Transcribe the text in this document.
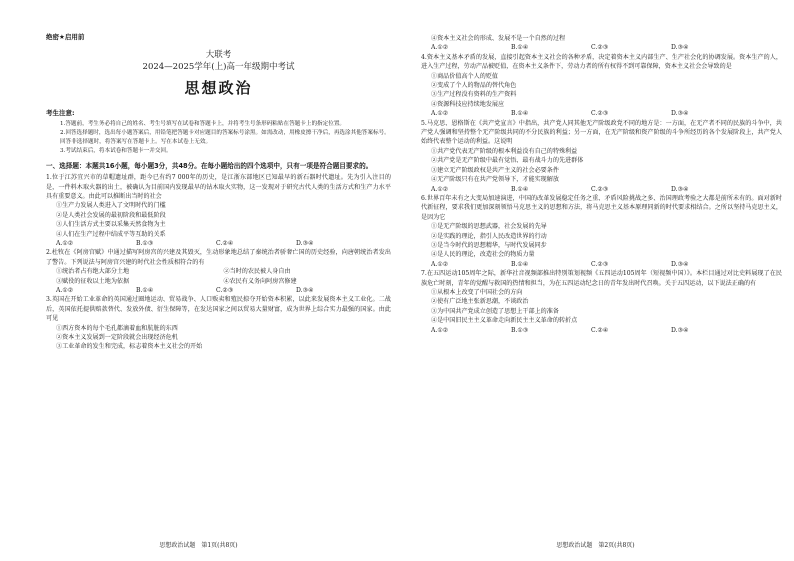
绝密★启用前
大联考
2024—2025学年(上)高一年级期中考试
思想政治
考生注意:
1.答题前，考生务必将自己的姓名、考生号填写在试卷和答题卡上，并将考生号条形码粘贴在答题卡上的指定位置。
2.回答选择题时，选出每小题答案后，用铅笔把答题卡对应题目的答案标号涂黑。如需改动，用橡皮擦干净后，再选涂其他答案标号。回答非选择题时，将答案写在答题卡上。写在本试卷上无效。
3.考试结束后，将本试卷和答题卡一并交回。
一、选择题：本题共16小题，每小题3分，共48分。在每小题给出的四个选项中，只有一项是符合题目要求的。
1.位于江苏宜兴市的草帽遗址群，距今已有约7 000年的历史，是江浙东部地区已知最早的新石器时代遗址。先为引入注目的是，一件料木取火器的出土，被确认为目前国内发现最早的钻木取火实物，这一发现对于研究古代人类的生活方式和生产力水平具有重要意义。由此可以推断出当时的社会
①生产力发展人类进入了文明时代的门槛
②是人类社会发展的最初阶段和最低阶段
③人们生活方式主要以采集天然食物为主
④人们在生产过程中结成平等互助的关系
A.①②	B.①③	C.②④	D.③④
2.杜牧在《阿房宫赋》中通过描写阿房宫的兴建及其毁灭，生动形象地总结了秦统治者骄奢亡国的历史经验，向唐朝统治者发出了警告。下列说法与阿房宫兴建的时代社会性质相符合的有
①统治者占有绝大部分土地	②当时的农民被人身自由
③赋役的征收以土地为依据	④农民有义务向阿房宫修建
A.①②	B.①④	C.②③	D.③④
3.英国在开始工业革命的英国通过圈地运动、贸易战争、人口贩卖和殖民掠夺开始资本积累，以此来发展资本主义工业化。二战后，英国依托提供赔款替代、发放外债、衍生保障等，在发达国家之间以贸易大量财富，成为世界上综合实力最强的国家。由此可见
①西方资本的每个毛孔都滴着血和肮脏的东西
②资本主义发展到一定阶段就会出现经济危机
③工业革命的发生和完成，标志着资本主义社会的开始
思想政治试题　第1页(共8页)
④资本主义社会的形成、发展不是一个自然的过程
A.①②	B.①④	C.②③	D.③④
4.资本主义基本矛盾的发展，直接引起资本主义社会的各种矛盾，决定着资本主义内部生产、生产社会化的协调发展。资本生产的人，进入生产过程，劳动产品被贬值，在资本主义条件下，劳动力者的所有权得不到可靠保障，资本主义社会会导致的是
①商品价值高个人的贬值
②变成了个人的物品的替代角色
③生产过程没有资料的生产资料
④资源科技应持续地发展应
A.①②	B.①④	C.②③	D.③④
5.马克思、恩格斯在《共产党宣言》中指出，共产党人同其他无产阶级政党不同的地方是：一方面，在无产者不同的民族的斗争中，共产党人强调和坚持整个无产阶级共同的不分民族的利益；另一方面，在无产阶级和资产阶级的斗争所经历的各个发展阶段上，共产党人始终代表整个运动的利益。这说明
①共产党代表无产阶级的根本利益没有自己的特殊利益
②共产党是无产阶级中最有觉悟、最有战斗力的先进群体
③建立无产阶级政权是共产主义的社会必要条件
④无产阶级只有在共产党领导下，才能实现解放
A.①②	B.①④	C.②③	D.③④
6.世界百年未有之大变局加速演进，中国的改革发展稳定任务之重、矛盾风险挑战之多、治国理政考验之大都是前所未有的。面对新时代新征程，要求我们更加深刻领悟马克思主义的思想和方法，将马克思主义基本原理同新的时代要求相结合。之所以坚持马克思主义，是因为它
①是无产阶级的思想武器，社会发展的先导
②是实践的理论，指引人民改造世界的行动
③是当今时代的思想精华，与时代发展同步
④是人民的理论，改造社会的物质力量
A.①②	B.①④	C.②③	D.③④
7.在五四运动105周年之际，新华社音视频部推出特别策划视频《五四运动105周年（短视频中国）》。本栏目通过对比史料展现了在民族危亡时刻，青年的觉醒与救国的热情和担当，为在五四运动纪念日的青年发出时代召唤。关于五四运动，以下说法正确的有
①从根本上改变了中国社会的方向
②使有广泛地主张新思潮，不谈政治
③为中国共产党成立创造了思想上干部上的准备
④是中国旧民主主义革命走向新民主主义革命的转折点
A.①②	B.①③	C.②④	D.③④
思想政治试题　第2页(共8页)
